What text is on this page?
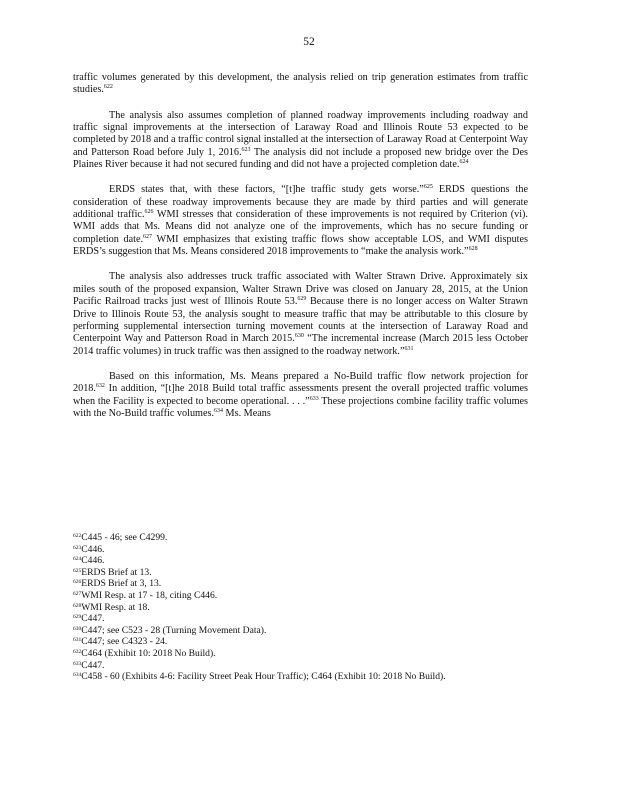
52

traffic volumes generated by this development, the analysis relied on trip generation estimates from traffic studies.$^{622}$

The analysis also assumes completion of planned roadway improvements including roadway and traffic signal improvements at the intersection of Laraway Road and Illinois Route 53 expected to be completed by 2018 and a traffic control signal installed at the intersection of Laraway Road at Centerpoint Way and Patterson Road before July 1, 2016.$^{623}$ The analysis did not include a proposed new bridge over the Des Plaines River because it had not secured funding and did not have a projected completion date.$^{624}$

ERDS states that, with these factors, “[t]he traffic study gets worse.”$^{625}$ ERDS questions the consideration of these roadway improvements because they are made by third parties and will generate additional traffic.$^{626}$ WMI stresses that consideration of these improvements is not required by Criterion (vi). WMI adds that Ms. Means did not analyze one of the improvements, which has no secure funding or completion date.$^{627}$ WMI emphasizes that existing traffic flows show acceptable LOS, and WMI disputes ERDS’s suggestion that Ms. Means considered 2018 improvements to “make the analysis work.”$^{628}$

The analysis also addresses truck traffic associated with Walter Strawn Drive. Approximately six miles south of the proposed expansion, Walter Strawn Drive was closed on January 28, 2015, at the Union Pacific Railroad tracks just west of Illinois Route 53.$^{629}$ Because there is no longer access on Walter Strawn Drive to Illinois Route 53, the analysis sought to measure traffic that may be attributable to this closure by performing supplemental intersection turning movement counts at the intersection of Laraway Road and Centerpoint Way and Patterson Road in March 2015.$^{630}$ “The incremental increase (March 2015 less October 2014 traffic volumes) in truck traffic was then assigned to the roadway network.”$^{631}$

Based on this information, Ms. Means prepared a No-Build traffic flow network projection for 2018.$^{632}$ In addition, “[t]he 2018 Build total traffic assessments present the overall projected traffic volumes when the Facility is expected to become operational. . . .”$^{633}$ These projections combine facility traffic volumes with the No-Build traffic volumes.$^{634}$ Ms. Means

$^{622}$C445 - 46; see C4299.
$^{623}$C446.
$^{624}$C446.
$^{625}$ERDS Brief at 13.
$^{626}$ERDS Brief at 3, 13.
$^{627}$WMI Resp. at 17 - 18, citing C446.
$^{628}$WMI Resp. at 18.
$^{629}$C447.
$^{630}$C447; see C523 - 28 (Turning Movement Data).
$^{631}$C447; see C4323 - 24.
$^{632}$C464 (Exhibit 10: 2018 No Build).
$^{633}$C447.
$^{634}$C458 - 60 (Exhibits 4-6: Facility Street Peak Hour Traffic); C464 (Exhibit 10: 2018 No Build).
